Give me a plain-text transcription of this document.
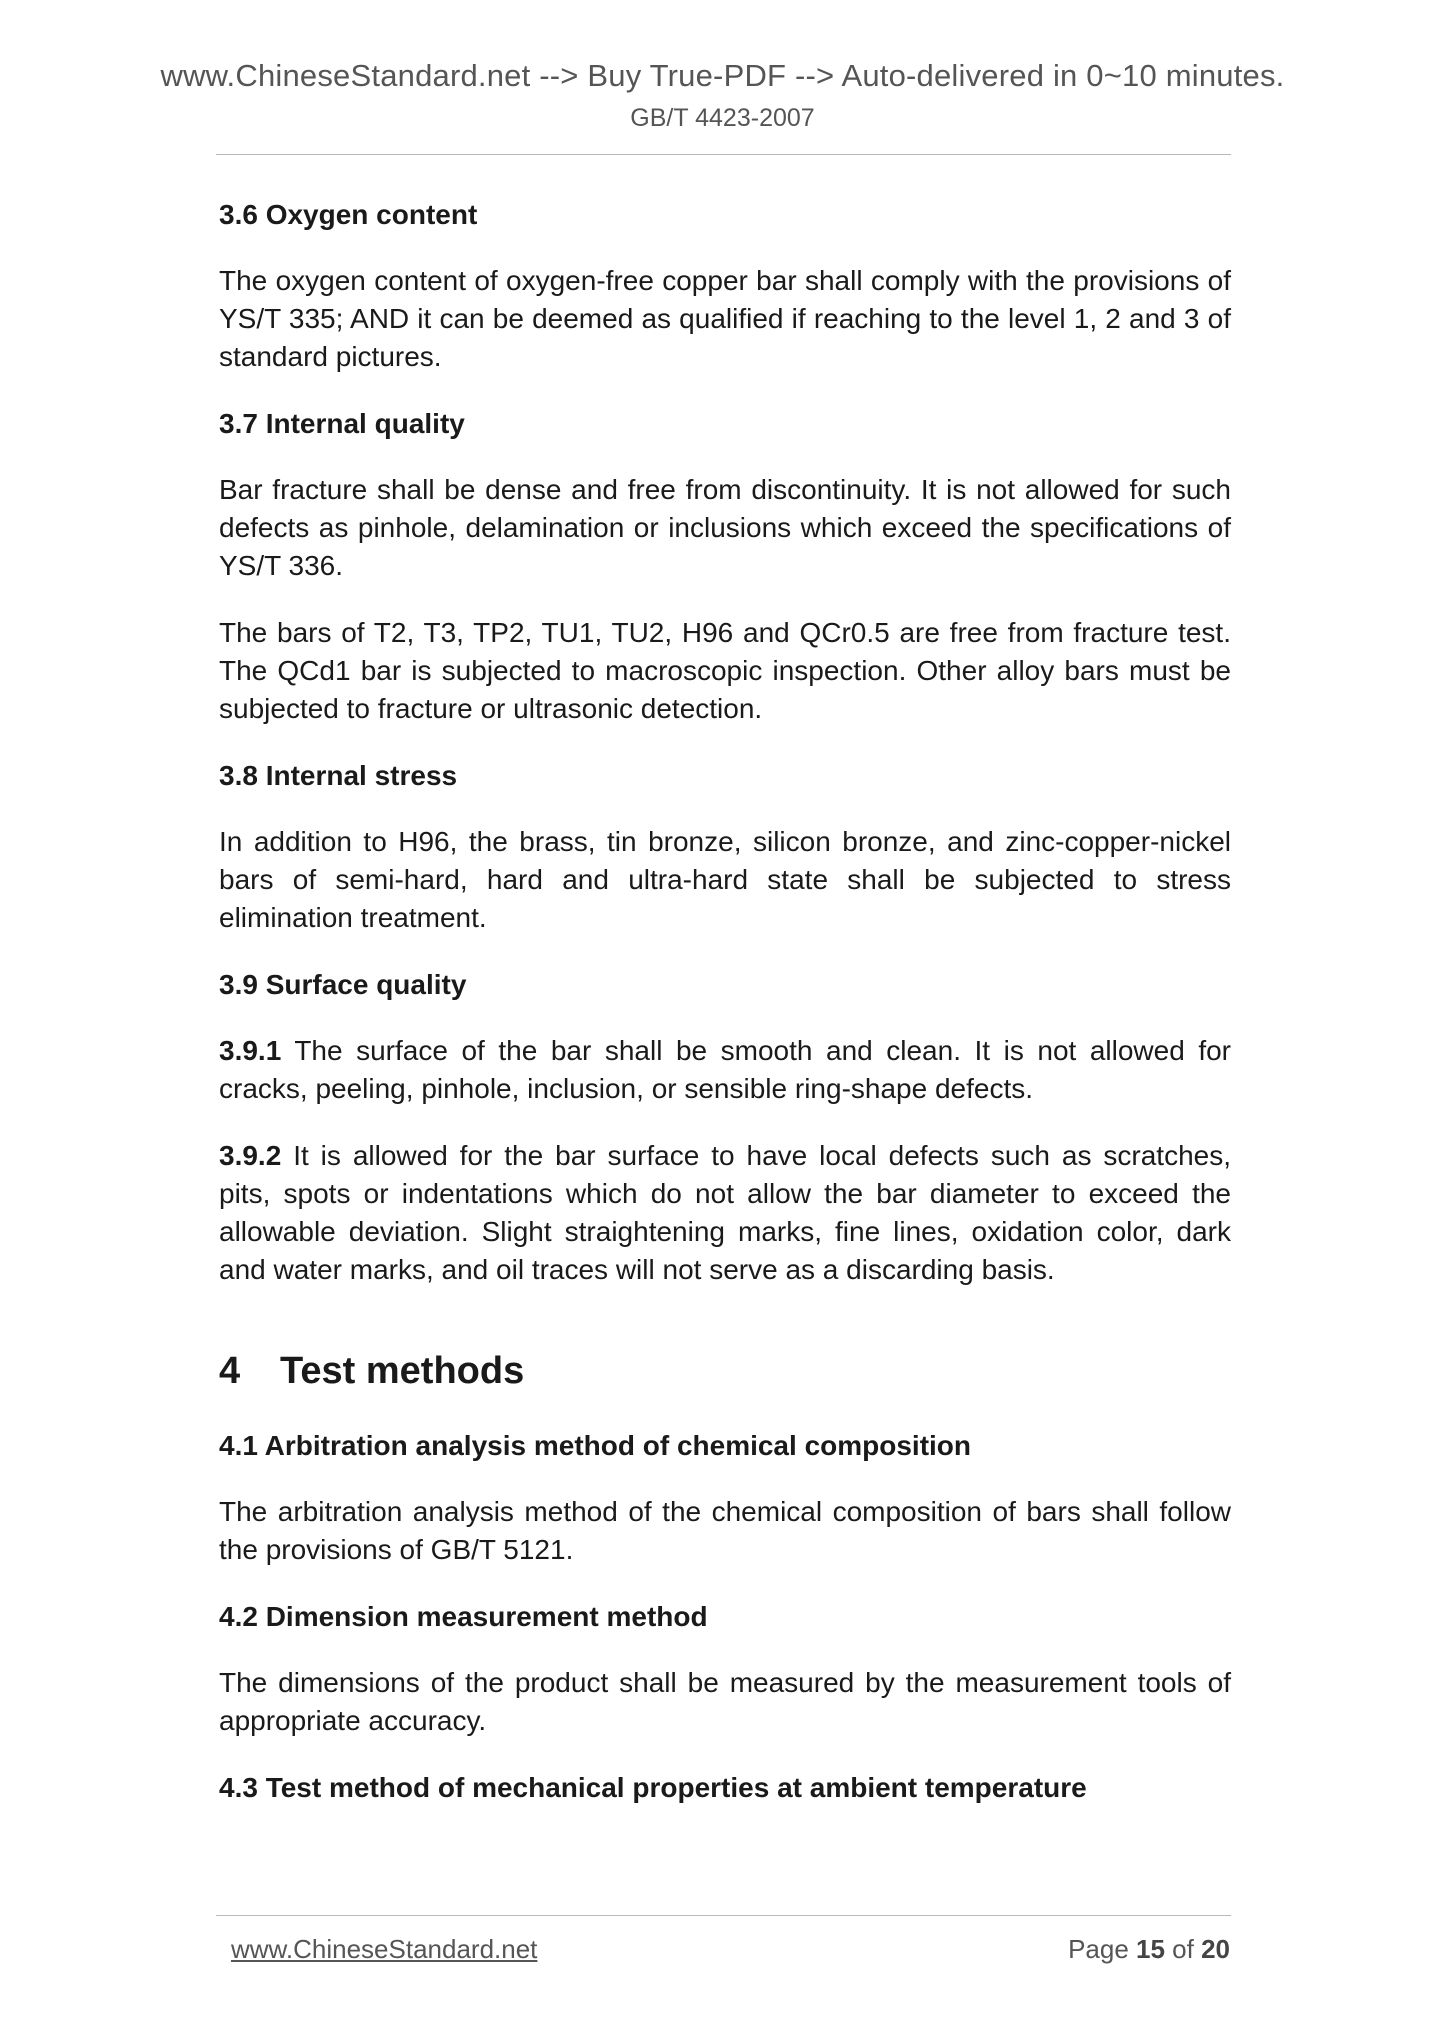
www.ChineseStandard.net --> Buy True-PDF --> Auto-delivered in 0~10 minutes.
GB/T 4423-2007
3.6 Oxygen content
The oxygen content of oxygen-free copper bar shall comply with the provisions of YS/T 335; AND it can be deemed as qualified if reaching to the level 1, 2 and 3 of standard pictures.
3.7 Internal quality
Bar fracture shall be dense and free from discontinuity. It is not allowed for such defects as pinhole, delamination or inclusions which exceed the specifications of YS/T 336.
The bars of T2, T3, TP2, TU1, TU2, H96 and QCr0.5 are free from fracture test. The QCd1 bar is subjected to macroscopic inspection. Other alloy bars must be subjected to fracture or ultrasonic detection.
3.8 Internal stress
In addition to H96, the brass, tin bronze, silicon bronze, and zinc-copper-nickel bars of semi-hard, hard and ultra-hard state shall be subjected to stress elimination treatment.
3.9 Surface quality
3.9.1 The surface of the bar shall be smooth and clean. It is not allowed for cracks, peeling, pinhole, inclusion, or sensible ring-shape defects.
3.9.2 It is allowed for the bar surface to have local defects such as scratches, pits, spots or indentations which do not allow the bar diameter to exceed the allowable deviation. Slight straightening marks, fine lines, oxidation color, dark and water marks, and oil traces will not serve as a discarding basis.
4	Test methods
4.1 Arbitration analysis method of chemical composition
The arbitration analysis method of the chemical composition of bars shall follow the provisions of GB/T 5121.
4.2 Dimension measurement method
The dimensions of the product shall be measured by the measurement tools of appropriate accuracy.
4.3 Test method of mechanical properties at ambient temperature
www.ChineseStandard.net	Page 15 of 20
